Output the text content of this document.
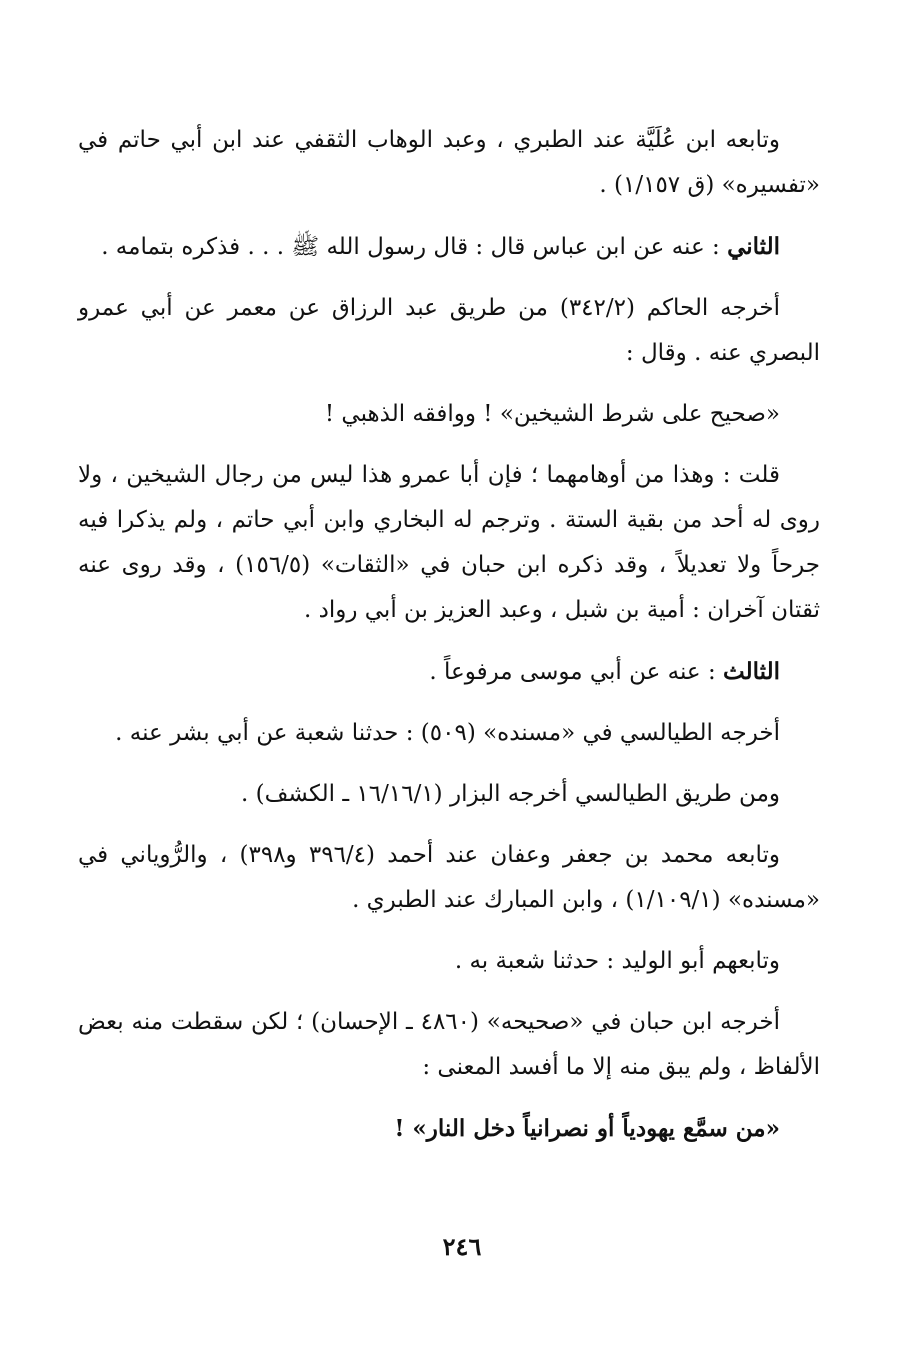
وتابعه ابن عُلَيَّة عند الطبري ، وعبد الوهاب الثقفي عند ابن أبي حاتم في «تفسيره» (ق ١/١٥٧) .

الثاني : عنه عن ابن عباس قال : قال رسول الله ﷺ . . . فذكره بتمامه .

أخرجه الحاكم (٣٤٢/٢) من طريق عبد الرزاق عن معمر عن أبي عمرو البصري عنه . وقال :

«صحيح على شرط الشيخين» ! ووافقه الذهبي !

قلت : وهذا من أوهامهما ؛ فإن أبا عمرو هذا ليس من رجال الشيخين ، ولا روى له أحد من بقية الستة . وترجم له البخاري وابن أبي حاتم ، ولم يذكرا فيه جرحاً ولا تعديلاً ، وقد ذكره ابن حبان في «الثقات» (١٥٦/٥) ، وقد روى عنه ثقتان آخران : أمية بن شبل ، وعبد العزيز بن أبي رواد .

الثالث : عنه عن أبي موسى مرفوعاً .

أخرجه الطيالسي في «مسنده» (٥٠٩) : حدثنا شعبة عن أبي بشر عنه .

ومن طريق الطيالسي أخرجه البزار (١٦/١٦/١ ـ الكشف) .

وتابعه محمد بن جعفر وعفان عند أحمد (٣٩٦/٤ و٣٩٨) ، والرُّوياني في «مسنده» (١/١٠٩/١) ، وابن المبارك عند الطبري .

وتابعهم أبو الوليد : حدثنا شعبة به .

أخرجه ابن حبان في «صحيحه» (٤٨٦٠ ـ الإحسان) ؛ لكن سقطت منه بعض الألفاظ ، ولم يبق منه إلا ما أفسد المعنى :

«من سمَّع يهودياً أو نصرانياً دخل النار» !

٢٤٦
